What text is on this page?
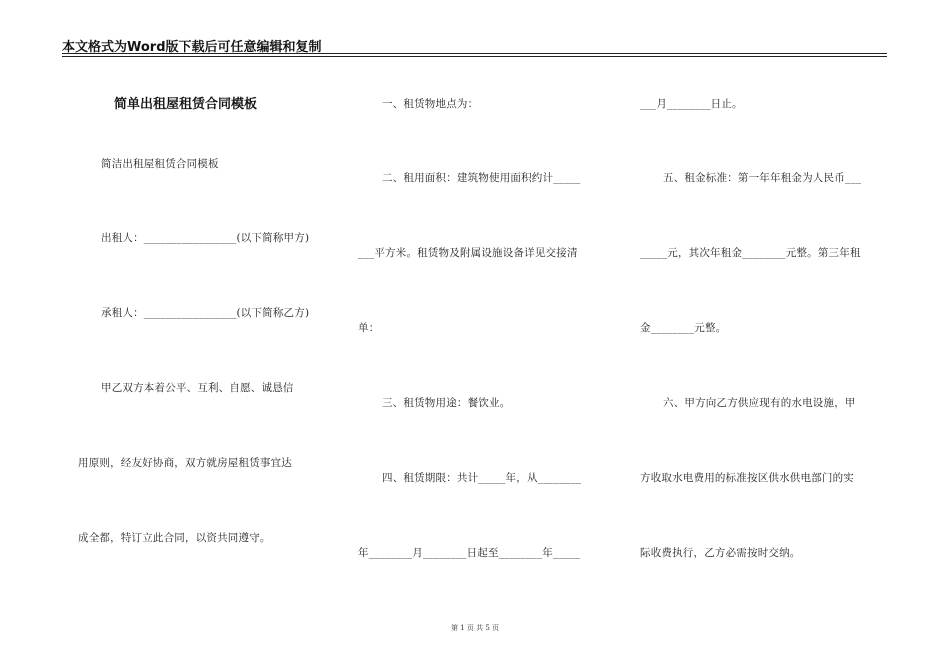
本文格式为Word版下载后可任意编辑和复制
简单出租屋租赁合同模板
简洁出租屋租赁合同模板
出租人：_________________(以下简称甲方)
承租人：_________________(以下简称乙方)
甲乙双方本着公平、互利、自愿、诚恳信
用原则，经友好协商，双方就房屋租赁事宜达
成全都，特订立此合同，以资共同遵守。
一、租赁物地点为：
二、租用面积：建筑物使用面积约计_____
___平方米。租赁物及附属设施设备详见交接清
单：
三、租赁物用途：餐饮业。
四、租赁期限：共计_____年，从________
年________月________日起至________年_____
___月________日止。
五、租金标准：第一年年租金为人民币___
_____元，其次年租金________元整。第三年租
金________元整。
六、甲方向乙方供应现有的水电设施，甲
方收取水电费用的标准按区供水供电部门的实
际收费执行，乙方必需按时交纳。
第 1 页 共 5 页
